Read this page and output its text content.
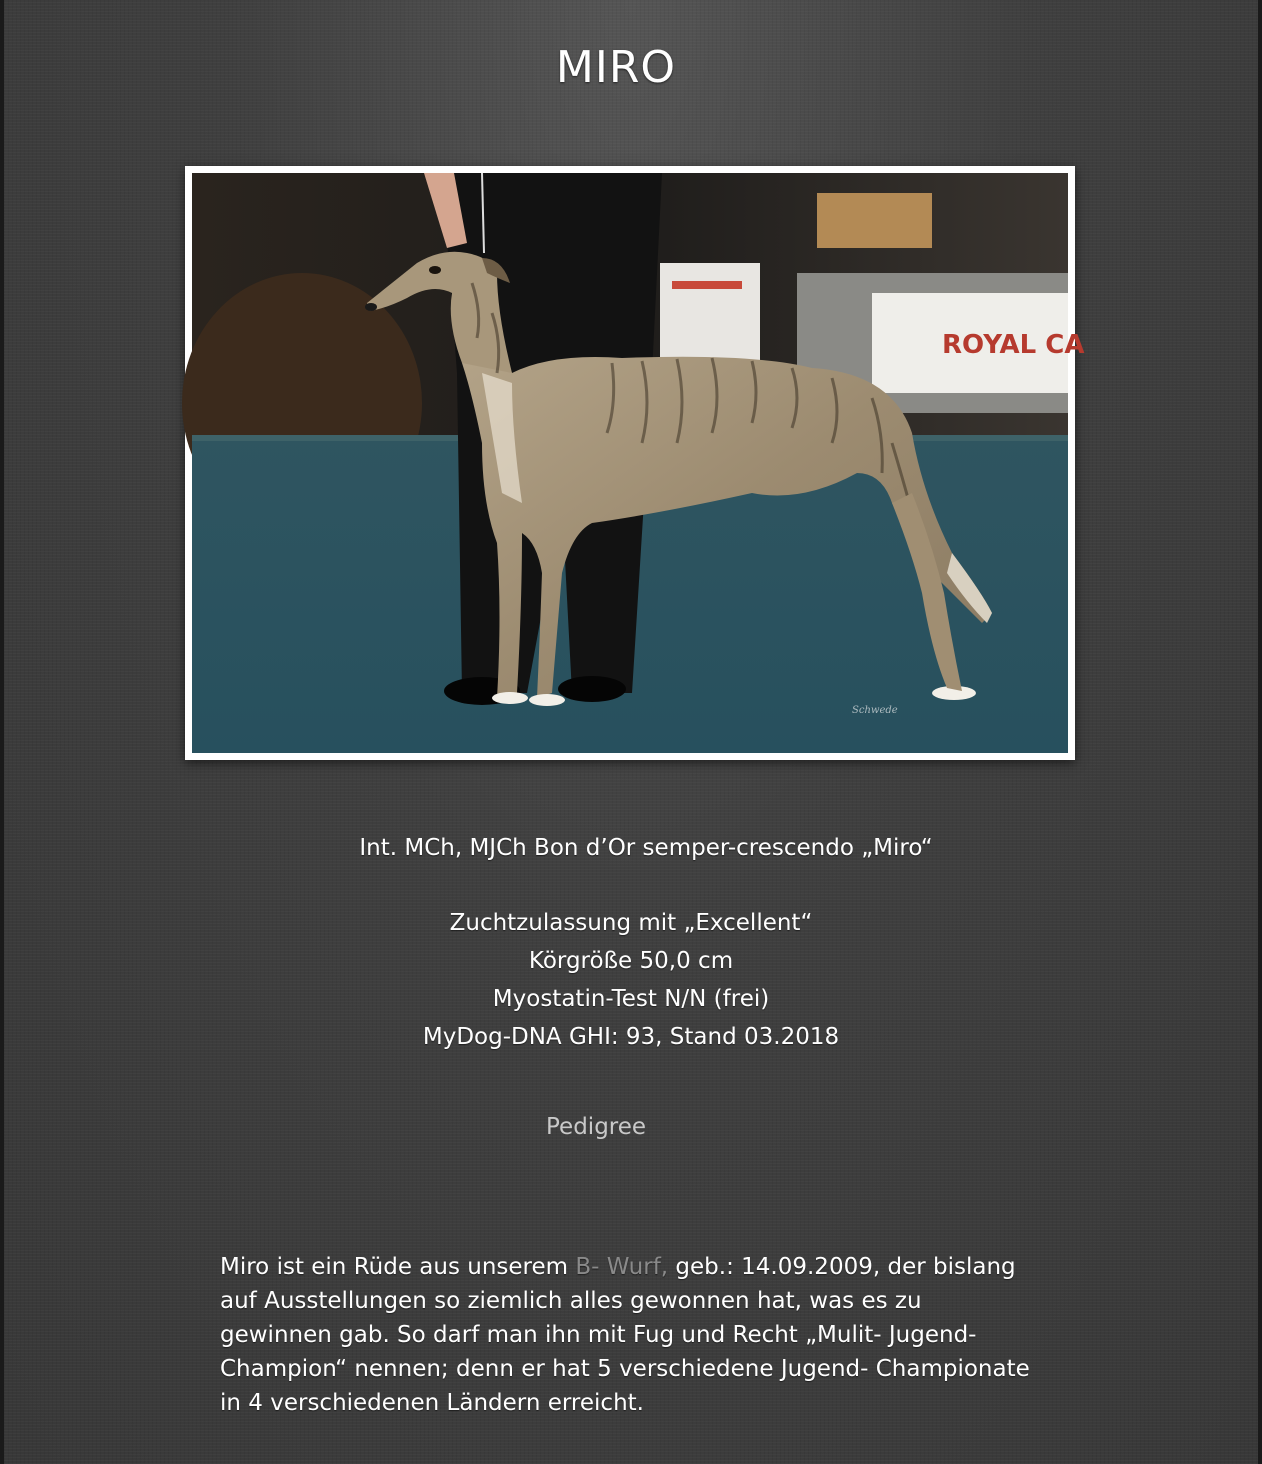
MIRO
ROYAL CA
Schwede
Int. MCh, MJCh Bon d’Or semper-crescendo „Miro“
Zuchtzulassung mit „Excellent“
Körgröße 50,0 cm
Myostatin-Test N/N (frei)
MyDog-DNA GHI: 93, Stand 03.2018
Pedigree

Miro ist ein Rüde aus unserem B- Wurf, geb.: 14.09.2009, der bislang auf Ausstellungen so ziemlich alles gewonnen hat, was es zu gewinnen gab. So darf man ihn mit Fug und Recht „Mulit- Jugend- Champion“ nennen; denn er hat 5 verschiedene Jugend- Championate in 4 verschiedenen Ländern erreicht.
